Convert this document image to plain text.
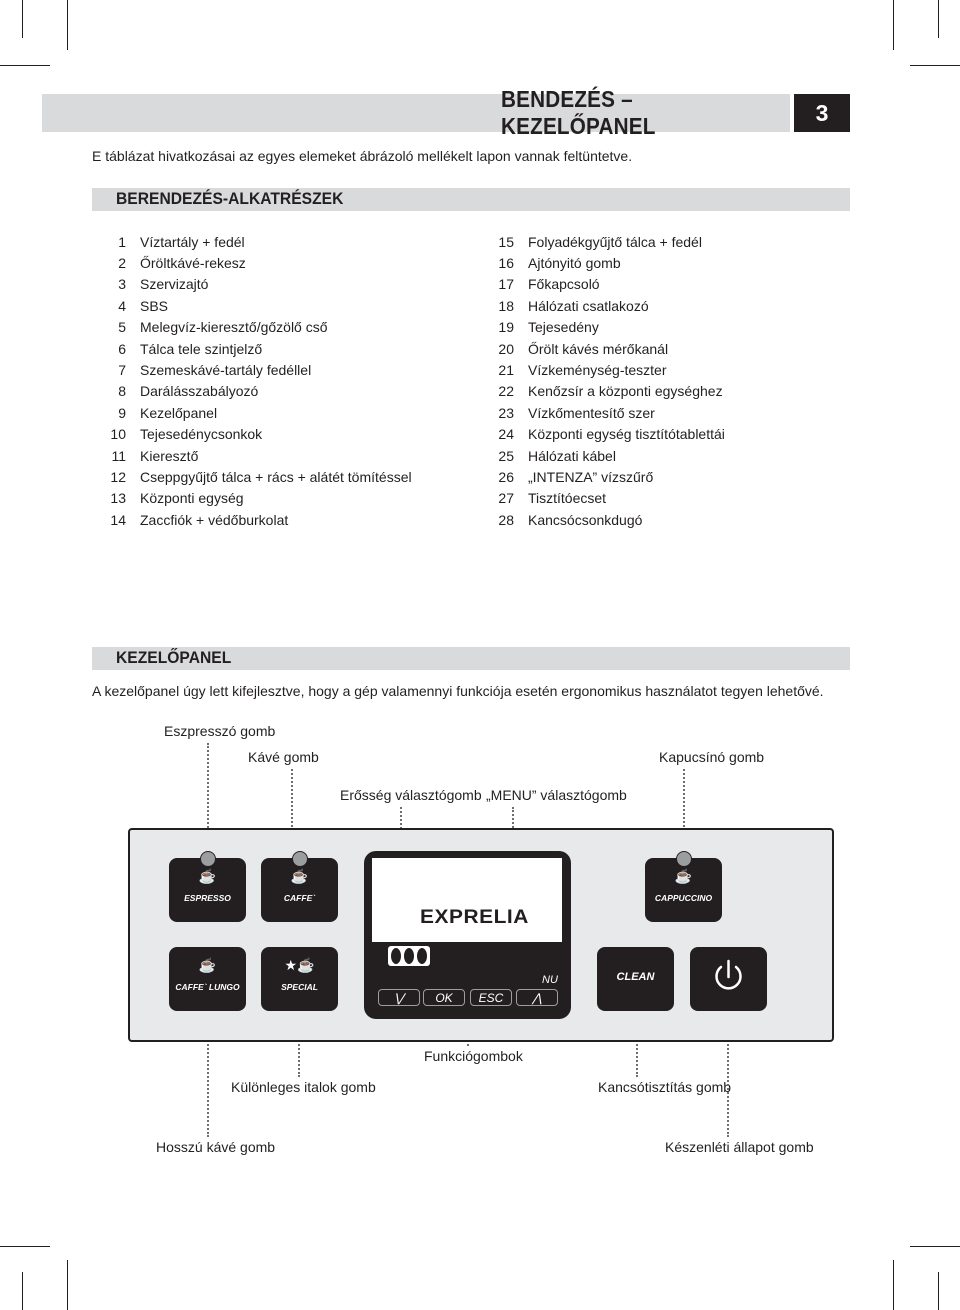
BENDEZÉS – KEZELŐPANEL
3
E táblázat hivatkozásai az egyes elemeket ábrázoló mellékelt lapon vannak feltüntetve.
BERENDEZÉS-ALKATRÉSZEK
1	Víztartály + fedél
2	Őröltkávé-rekesz
3	Szervizajtó
4	SBS
5	Melegvíz-kieresztő/gőzölő cső
6	Tálca tele szintjelző
7	Szemeskávé-tartály fedéllel
8	Darálásszabályozó
9	Kezelőpanel
10	Tejesedénycsonkok
11	Kieresztő
12	Cseppgyűjtő tálca + rács + alátét tömítéssel
13	Központi egység
14	Zaccfiók + védőburkolat
15	Folyadékgyűjtő tálca + fedél
16	Ajtónyitó gomb
17	Főkapcsoló
18	Hálózati csatlakozó
19	Tejesedény
20	Őrölt kávés mérőkanál
21	Vízkeménység-teszter
22	Kenőzsír a központi egységhez
23	Vízkőmentesítő szer
24	Központi egység tisztítótablettái
25	Hálózati kábel
26	„INTENZA” vízszűrő
27	Tisztítóecset
28	Kancsócsonkdugó
KEZELŐPANEL
A kezelőpanel úgy lett kifejlesztve, hogy a gép valamennyi funkciója esetén ergonomikus használatot tegyen lehetővé.
Eszpresszó gomb
Kávé gomb	Kapucsínó gomb
Erősség választógomb „MENU” választógomb
Funkciógombok
Különleges italok gomb	Kancsótisztítás gomb
Hosszú kávé gomb	Készenléti állapot gomb
☕
ESPRESSO
☕
CAFFE`
☕
CAPPUCCINO
☕
CAFFE` LUNGO
★☕
SPECIAL
CLEAN
EXPRELIA
NU
⋁	OK	ESC	⋀
